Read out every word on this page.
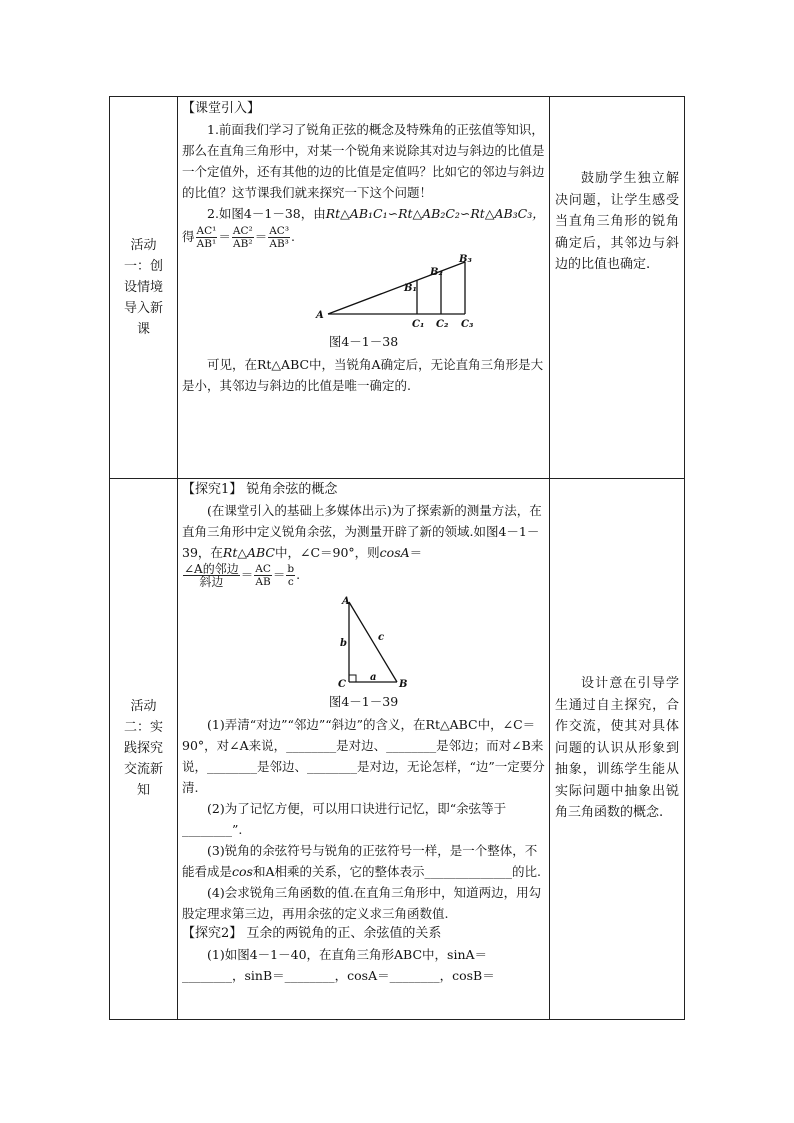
活动一：创设情境导入新课

【课堂引入】

1.前面我们学习了锐角正弦的概念及特殊角的正弦值等知识，那么在直角三角形中，对某一个锐角来说除其对边与斜边的比值是一个定值外，还有其他的边的比值是定值吗？比如它的邻边与斜边的比值？这节课我们就来探究一下这个问题！

2.如图4－1－38，由Rt△AB₁C₁∽Rt△AB₂C₂∽Rt△AB₃C₃，

得 $\frac{\text{AC¹}}{\text{AB¹}} = \frac{\text{AC²}}{\text{AB²}} = \frac{\text{AC³}}{\text{AB³}}$ .

A
B₁
B₂
B₃
C₁ C₂ C₃
图4－1－38

可见，在Rt△ABC中，当锐角A确定后，无论直角三角形是大是小，其邻边与斜边的比值是唯一确定的.

鼓励学生独立解决问题，让学生感受当直角三角形的锐角确定后，其邻边与斜边的比值也确定.
活动二：实践探究交流新知

【探究1】 锐角余弦的概念

(在课堂引入的基础上多媒体出示)为了探索新的测量方法，在直角三角形中定义锐角余弦，为测量开辟了新的领域.如图4－1－39，在Rt△ABC中，∠C＝90°，则cosA＝

$\frac{\text{∠A的邻边}}{\text{斜边}} = \frac{AC}{AB} = \frac{b}{c}$ .

A
C	B
b
c
a
图4－1－39

(1)弄清“对边”“邻边”“斜边”的含义，在Rt△ABC中，∠C＝90°，对∠A来说，________是对边、________是邻边；而对∠B来说，________是邻边、________是对边，无论怎样，“边”一定要分清.

(2)为了记忆方便，可以用口诀进行记忆，即“余弦等于________”.

(3)锐角的余弦符号与锐角的正弦符号一样，是一个整体，不能看成是cos和A相乘的关系，它的整体表示______________的比.

(4)会求锐角三角函数的值.在直角三角形中，知道两边，用勾股定理求第三边，再用余弦的定义求三角函数值.

【探究2】 互余的两锐角的正、余弦值的关系

(1)如图4－1－40，在直角三角形ABC中，sinA＝________，sinB＝________，cosA＝________，cosB＝

设计意在引导学生通过自主探究，合作交流，使其对具体问题的认识从形象到抽象，训练学生能从实际问题中抽象出锐角三角函数的概念.
